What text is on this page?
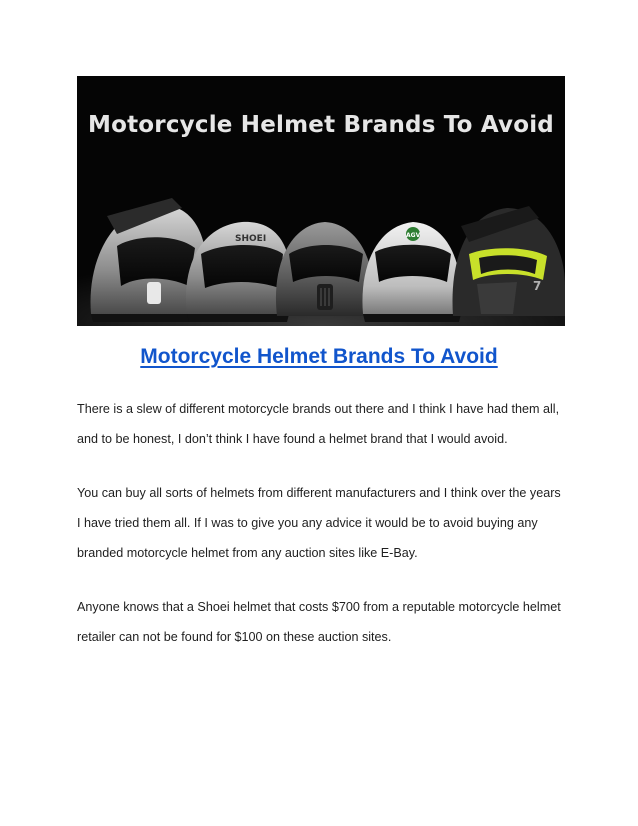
SHOEI	AGV
7
Motorcycle Helmet Brands To Avoid
Motorcycle Helmet Brands To Avoid
There is a slew of different motorcycle brands out there and I think I have had them all,
and to be honest, I don’t think I have found a helmet brand that I would avoid.
You can buy all sorts of helmets from different manufacturers and I think over the years
I have tried them all. If I was to give you any advice it would be to avoid buying any
branded motorcycle helmet from any auction sites like E-Bay.
Anyone knows that a Shoei helmet that costs $700 from a reputable motorcycle helmet
retailer can not be found for $100 on these auction sites.
